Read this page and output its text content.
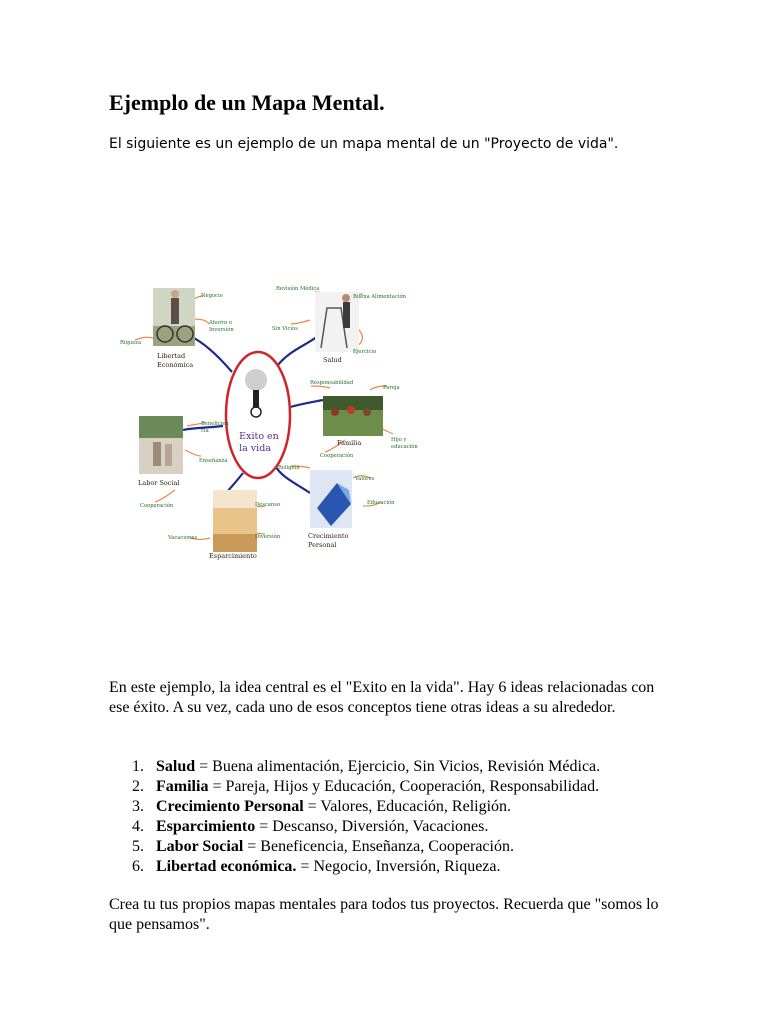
Ejemplo de un Mapa Mental.

El siguiente es un ejemplo de un mapa mental de un "Proyecto de vida".

Exito en
la vida
Libertad
Económica
Salud
Familia
Labor Social
Crecimiento
Personal
Esparcimiento
Negocio
Ahorro e
Inversión
Riqueza
Revisión Médica
Buena Alimentación
Sin Vicios
Ejercicio
Responsabilidad
Pareja
Hijo y
educación
Cooperación
Beneficien
cia
Enseñanza
Cooperación
Religión
Valores
Educación
Descanso
Diversión
Vacaciones

En este ejemplo, la idea central es el "Exito en la vida". Hay 6 ideas relacionadas con ese éxito. A su vez, cada uno de esos conceptos tiene otras ideas a su alrededor.

1. Salud = Buena alimentación, Ejercicio, Sin Vicios, Revisión Médica.
2. Familia = Pareja, Hijos y Educación, Cooperación, Responsabilidad.
3. Crecimiento Personal = Valores, Educación, Religión.
4. Esparcimiento = Descanso, Diversión, Vacaciones.
5. Labor Social = Beneficencia, Enseñanza, Cooperación.
6. Libertad económica. = Negocio, Inversión, Riqueza.

Crea tu tus propios mapas mentales para todos tus proyectos. Recuerda que "somos lo que pensamos".
